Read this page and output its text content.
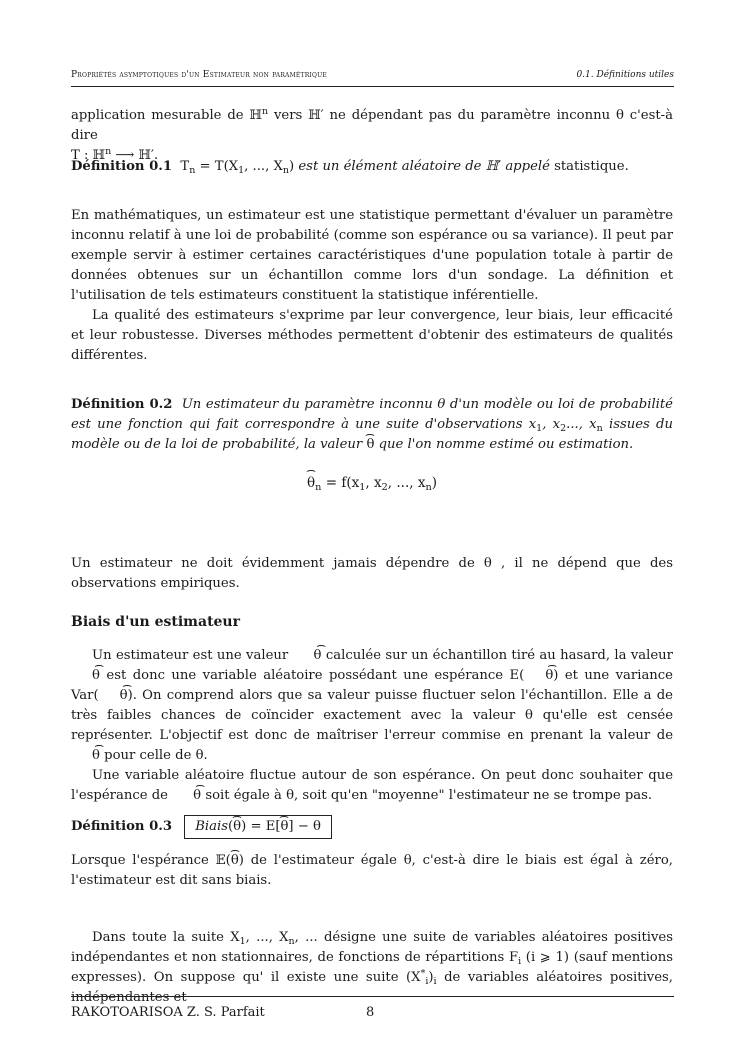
Propriétés asymptotiques d'un Estimateur non paramétrique	0.1. Définitions utiles

application mesurable de ℍ$^n$ vers ℍ′ ne dépendant pas du paramètre inconnu θ c'est-à dire
T : ℍ$^n$ ⟶ ℍ′.

Définition 0.1 $T_n = T(X_1$, ..., $X_n$) est un élément aléatoire de ℍ′ appelé statistique.

En mathématiques, un estimateur est une statistique permettant d'évaluer un paramètre inconnu relatif à une loi de probabilité (comme son espérance ou sa variance). Il peut par exemple servir à estimer certaines caractéristiques d'une population totale à partir de données obtenues sur un échantillon comme lors d'un sondage. La définition et l'utilisation de tels estimateurs constituent la statistique inférentielle.

La qualité des estimateurs s'exprime par leur convergence, leur biais, leur efficacité et leur robustesse. Diverses méthodes permettent d'obtenir des estimateurs de qualités différentes.

Définition 0.2 Un estimateur du paramètre inconnu θ d'un modèle ou loi de probabilité est une fonction qui fait correspondre à une suite d'observations $x_1$, $x_2$..., $x_n$ issues du modèle ou de la loi de probabilité, la valeur ⌢ θ que l'on nomme estimé ou estimation.

⌢ $\theta_n = f(x_1$, $x_2$, ..., $x_n$)

Un estimateur ne doit évidemment jamais dépendre de θ , il ne dépend que des observations empiriques.

Biais d'un estimateur

Un estimateur est une valeur ⌢ θ calculée sur un échantillon tiré au hasard, la valeur ⌢ θ est donc une variable aléatoire possédant une espérance E( ⌢ θ) et une variance Var( ⌢ θ). On comprend alors que sa valeur puisse fluctuer selon l'échantillon. Elle a de très faibles chances de coïncider exactement avec la valeur θ qu'elle est censée représenter. L'objectif est donc de maîtriser l'erreur commise en prenant la valeur de ⌢ θ pour celle de θ.

Une variable aléatoire fluctue autour de son espérance. On peut donc souhaiter que l'espérance de ⌢ θ soit égale à θ, soit qu'en "moyenne" l'estimateur ne se trompe pas.

Définition 0.3 Biais(⌢ θ) = E[⌢ θ] − θ

Lorsque l'espérance 𝔼(⌢ θ) de l'estimateur égale θ, c'est-à dire le biais est égal à zéro, l'estimateur est dit sans biais.

Dans toute la suite $X_1$, ..., $X_n$, ... désigne une suite de variables aléatoires positives indépendantes et non stationnaires, de fonctions de répartitions $F_i$ (i ⩾ 1) (sauf mentions expresses). On suppose qu' il existe une suite $(X^*_i)_i$ de variables aléatoires positives, indépendantes et

RAKOTOARISOA Z. S. Parfait	8
